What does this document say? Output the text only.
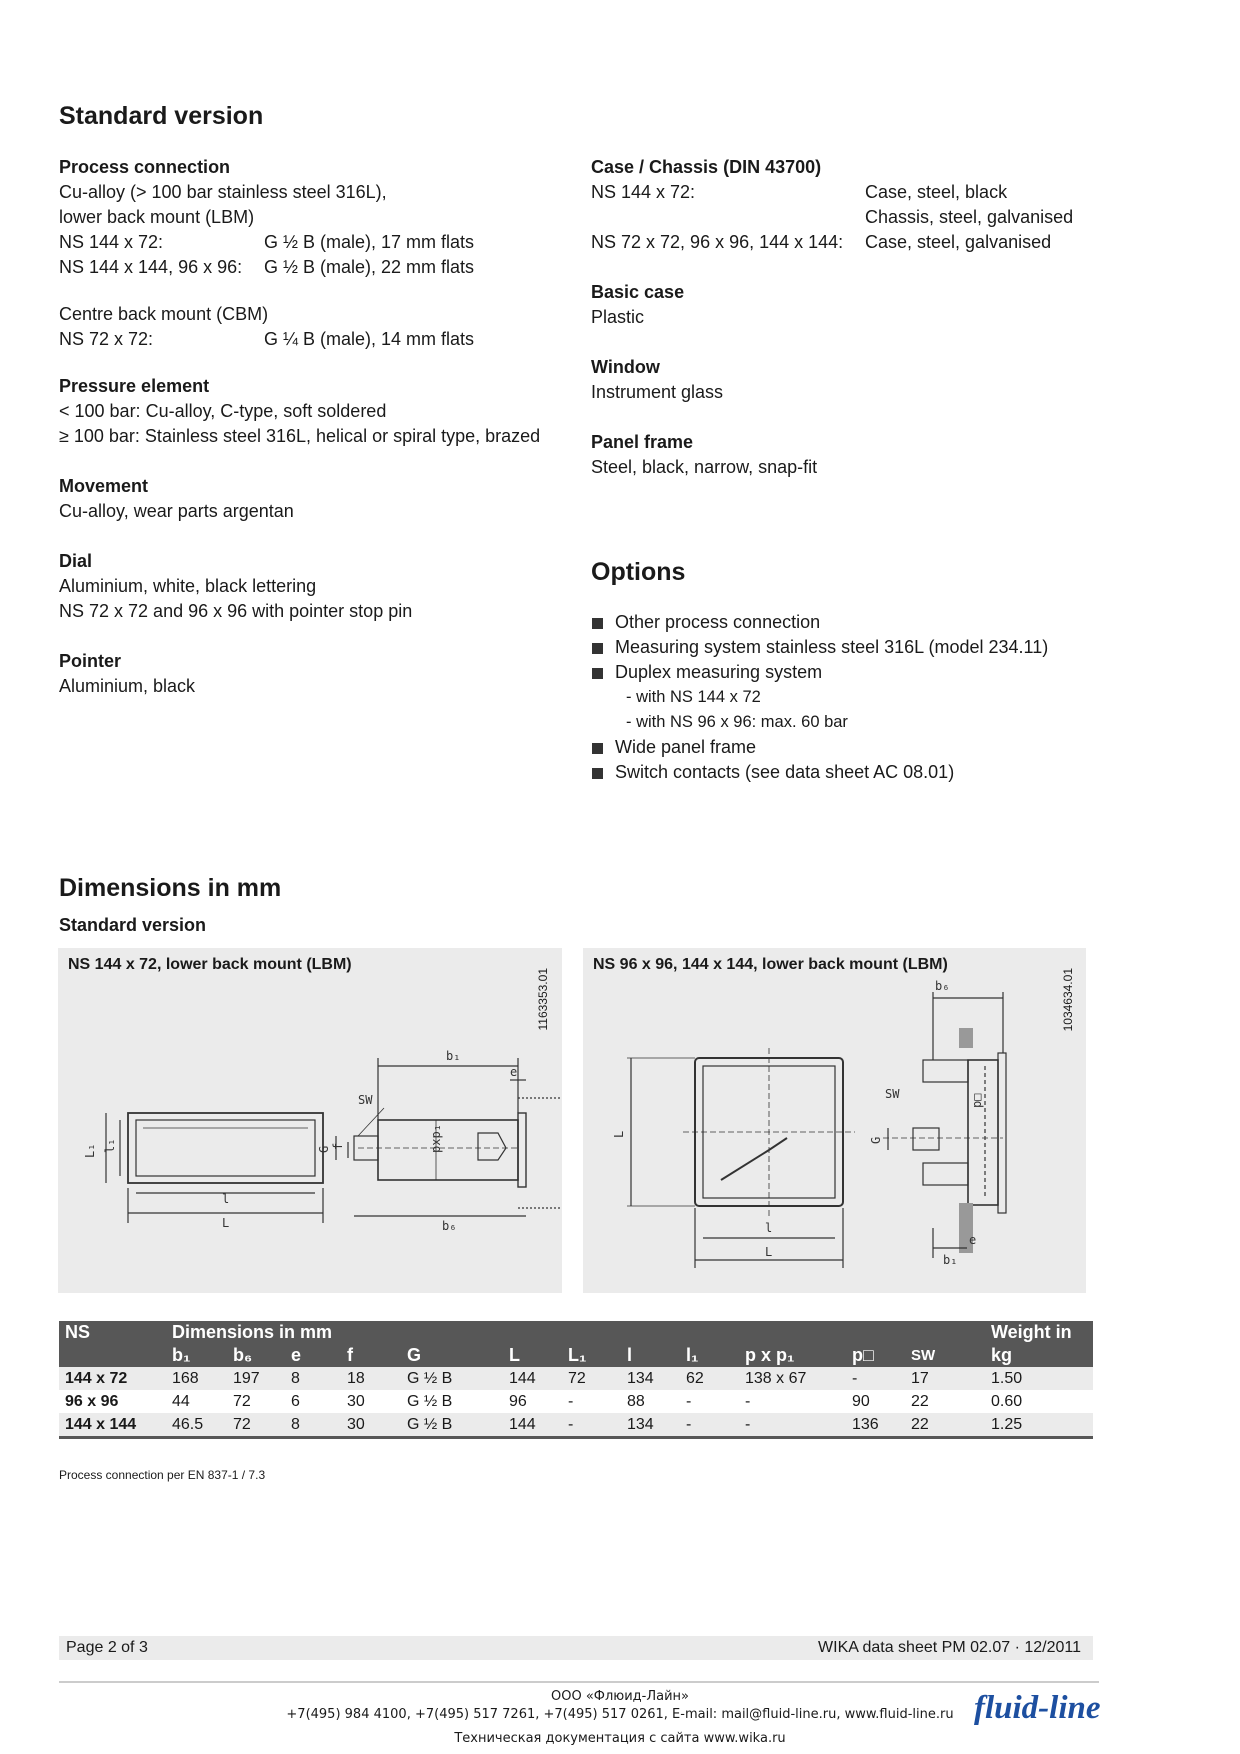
Standard version
Process connection
Cu-alloy (> 100 bar stainless steel 316L),
lower back mount (LBM)
NS 144 x 72:	G ½ B (male), 17 mm flats
NS 144 x 144, 96 x 96:	G ½ B (male), 22 mm flats
Centre back mount (CBM)
NS 72 x 72:	G ¼ B (male), 14 mm flats
Pressure element
< 100 bar: Cu-alloy, C-type, soft soldered
≥ 100 bar: Stainless steel 316L, helical or spiral type, brazed
Movement
Cu-alloy, wear parts argentan
Dial
Aluminium, white, black lettering
NS 72 x 72 and 96 x 96 with pointer stop pin
Pointer
Aluminium, black
Case / Chassis (DIN 43700)
NS 144 x 72:	Case, steel, black
Chassis, steel, galvanised
NS 72 x 72, 96 x 96, 144 x 144:	Case, steel, galvanised
Basic case
Plastic
Window
Instrument glass
Panel frame
Steel, black, narrow, snap-fit
Options
Other process connection
Measuring system stainless steel 316L (model 234.11)
Duplex measuring system
- with NS 144 x 72
- with NS 96 x 96: max. 60 bar
Wide panel frame
Switch contacts (see data sheet AC 08.01)
Dimensions in mm
Standard version
NS 144 x 72, lower back mount (LBM)
1163353.01
b₁
e
SW
pxp₁
L₁ l₁	G f
l
L	b₆
NS 96 x 96, 144 x 144, lower back mount (LBM)
1034634.01
b₆
SW	p□
L
G
l
L
e
b₁
NS	Dimensions in mm												Weight in
	b₁	b₆	e	f	G	L	L₁	l	l₁	p x p₁	p□	SW	kg
144 x 72	168	197	8	18	G ½ B	144	72	134	62	138 x 67	-	17	1.50
96 x 96	44	72	6	30	G ½ B	96	-	88	-	-	90	22	0.60
144 x 144	46.5	72	8	30	G ½ B	144	-	134	-	-	136	22	1.25
Process connection per EN 837-1 / 7.3
Page 2 of 3	WIKA data sheet PM 02.07 · 12/2011
ООО «Флюид-Лайн»
+7(495) 984 4100, +7(495) 517 7261, +7(495) 517 0261, E-mail: mail@fluid-line.ru, www.fluid-line.ru
Техническая документация с сайта www.wika.ru
fluid-line
